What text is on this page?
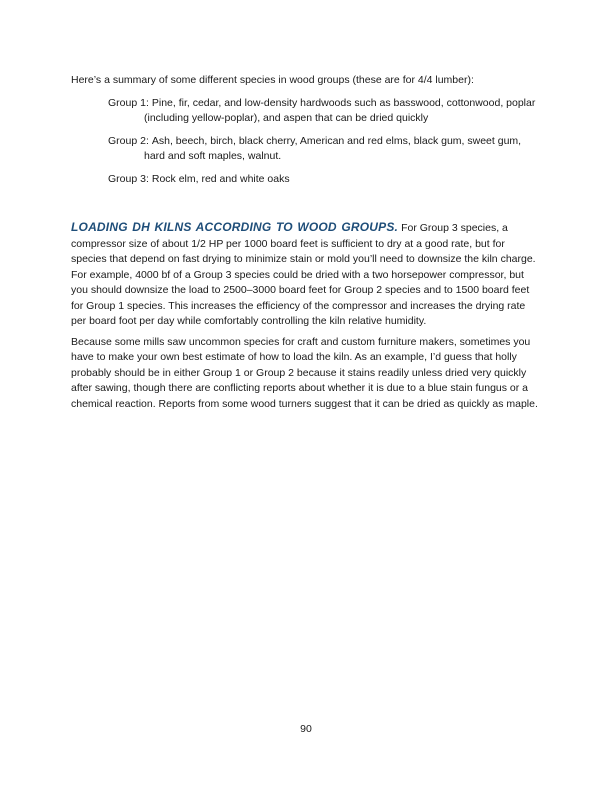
Here’s a summary of some different species in wood groups (these are for 4/4 lumber):

Group 1: Pine, fir, cedar, and low-density hardwoods such as basswood, cottonwood, poplar (including yellow-poplar), and aspen that can be dried quickly

Group 2: Ash, beech, birch, black cherry, American and red elms, black gum, sweet gum, hard and soft maples, walnut.

Group 3: Rock elm, red and white oaks

LOADING DH KILNS ACCORDING TO WOOD GROUPS. For Group 3 species, a compressor size of about 1/2 HP per 1000 board feet is sufficient to dry at a good rate, but for species that depend on fast drying to minimize stain or mold you’ll need to downsize the kiln charge. For example, 4000 bf of a Group 3 species could be dried with a two horsepower compressor, but you should downsize the load to 2500–3000 board feet for Group 2 species and to 1500 board feet for Group 1 species. This increases the efficiency of the compressor and increases the drying rate per board foot per day while comfortably controlling the kiln relative humidity.

Because some mills saw uncommon species for craft and custom furniture makers, sometimes you have to make your own best estimate of how to load the kiln. As an example, I’d guess that holly probably should be in either Group 1 or Group 2 because it stains readily unless dried very quickly after sawing, though there are conflicting reports about whether it is due to a blue stain fungus or a chemical reaction. Reports from some wood turners suggest that it can be dried as quickly as maple.

90
